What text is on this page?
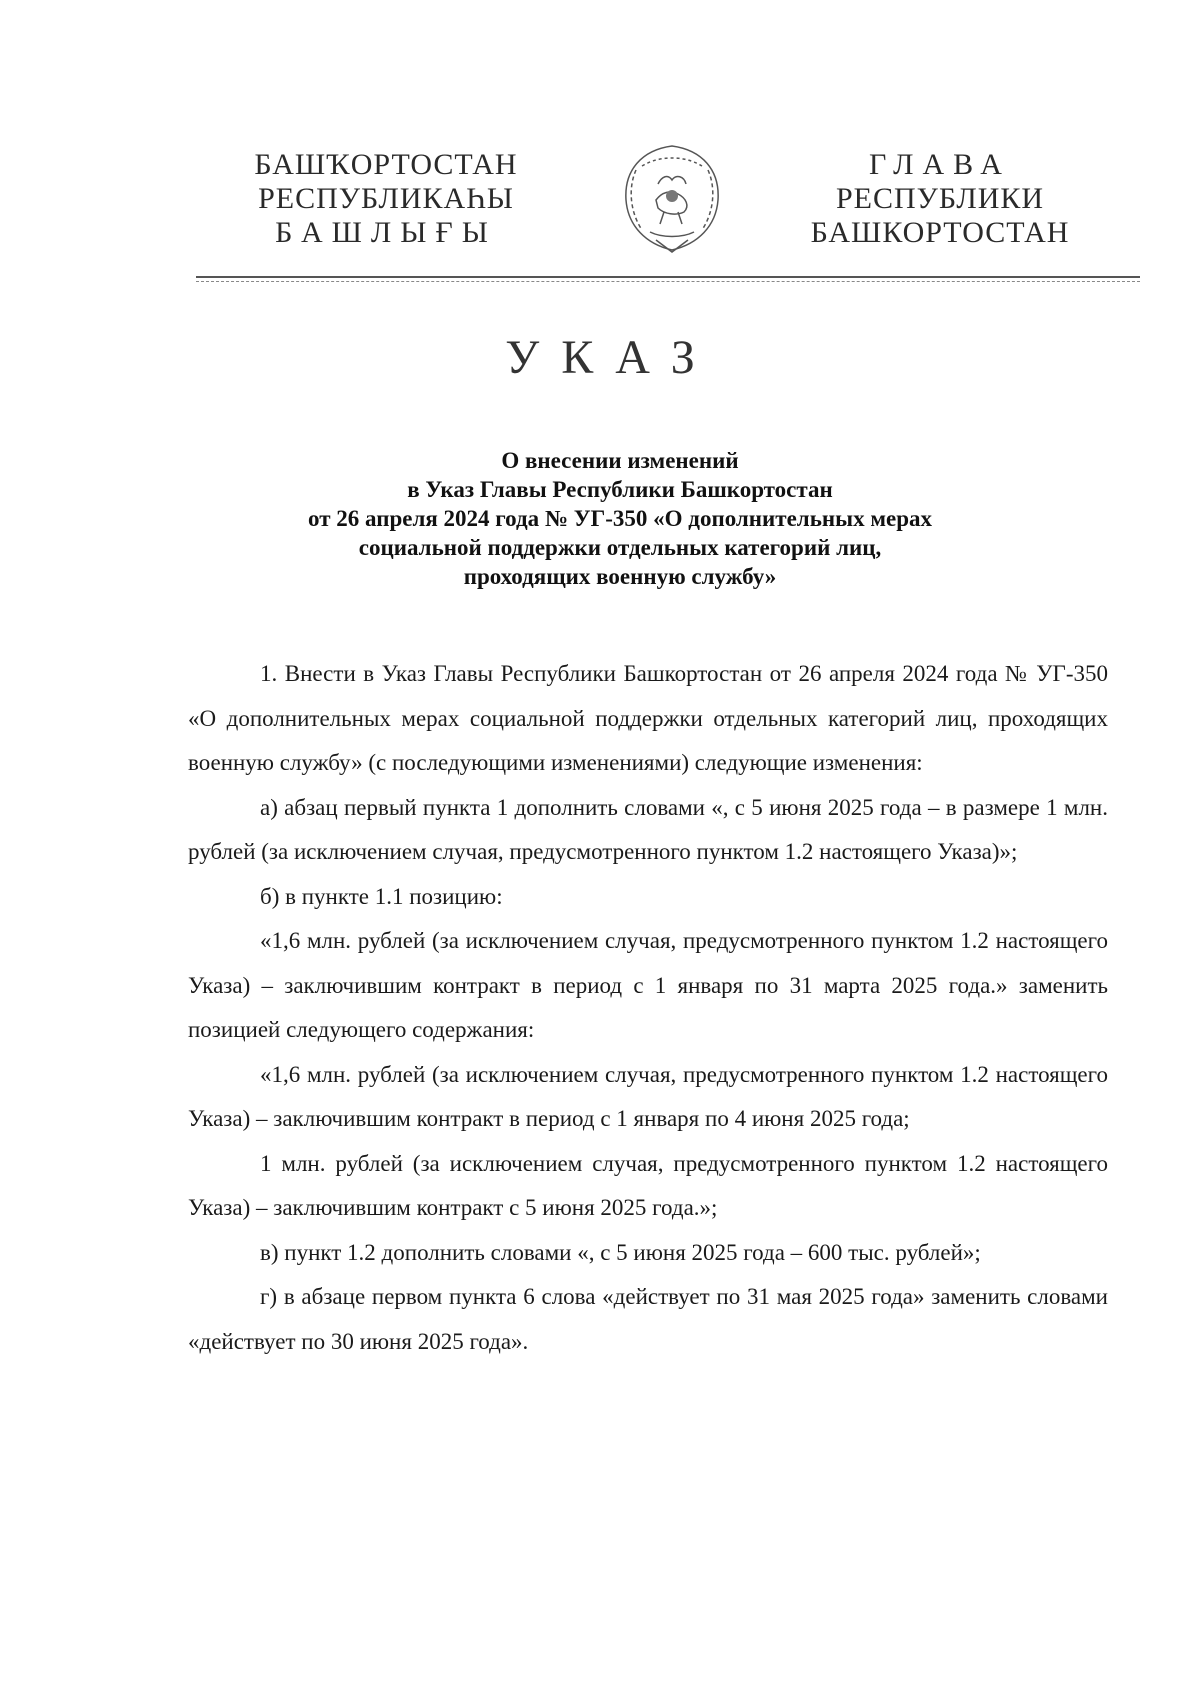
БАШҠОРТОСТАН
РЕСПУБЛИКАҺЫ
БАШЛЫҒЫ
ГЛАВА
РЕСПУБЛИКИ
БАШКОРТОСТАН
УКАЗ
О внесении изменений
в Указ Главы Республики Башкортостан
от 26 апреля 2024 года № УГ-350 «О дополнительных мерах
социальной поддержки отдельных категорий лиц,
проходящих военную службу»

1. Внести в Указ Главы Республики Башкортостан от 26 апреля 2024 года № УГ-350 «О дополнительных мерах социальной поддержки отдельных категорий лиц, проходящих военную службу» (с последующими изменениями) следующие изменения:

а) абзац первый пункта 1 дополнить словами «, с 5 июня 2025 года – в размере 1 млн. рублей (за исключением случая, предусмотренного пунктом 1.2 настоящего Указа)»;

б) в пункте 1.1 позицию:

«1,6 млн. рублей (за исключением случая, предусмотренного пунктом 1.2 настоящего Указа) – заключившим контракт в период с 1 января по 31 марта 2025 года.» заменить позицией следующего содержания:

«1,6 млн. рублей (за исключением случая, предусмотренного пунктом 1.2 настоящего Указа) – заключившим контракт в период с 1 января по 4 июня 2025 года;

1 млн. рублей (за исключением случая, предусмотренного пунктом 1.2 настоящего Указа) – заключившим контракт с 5 июня 2025 года.»;

в) пункт 1.2 дополнить словами «, с 5 июня 2025 года – 600 тыс. рублей»;

г) в абзаце первом пункта 6 слова «действует по 31 мая 2025 года» заменить словами «действует по 30 июня 2025 года».
